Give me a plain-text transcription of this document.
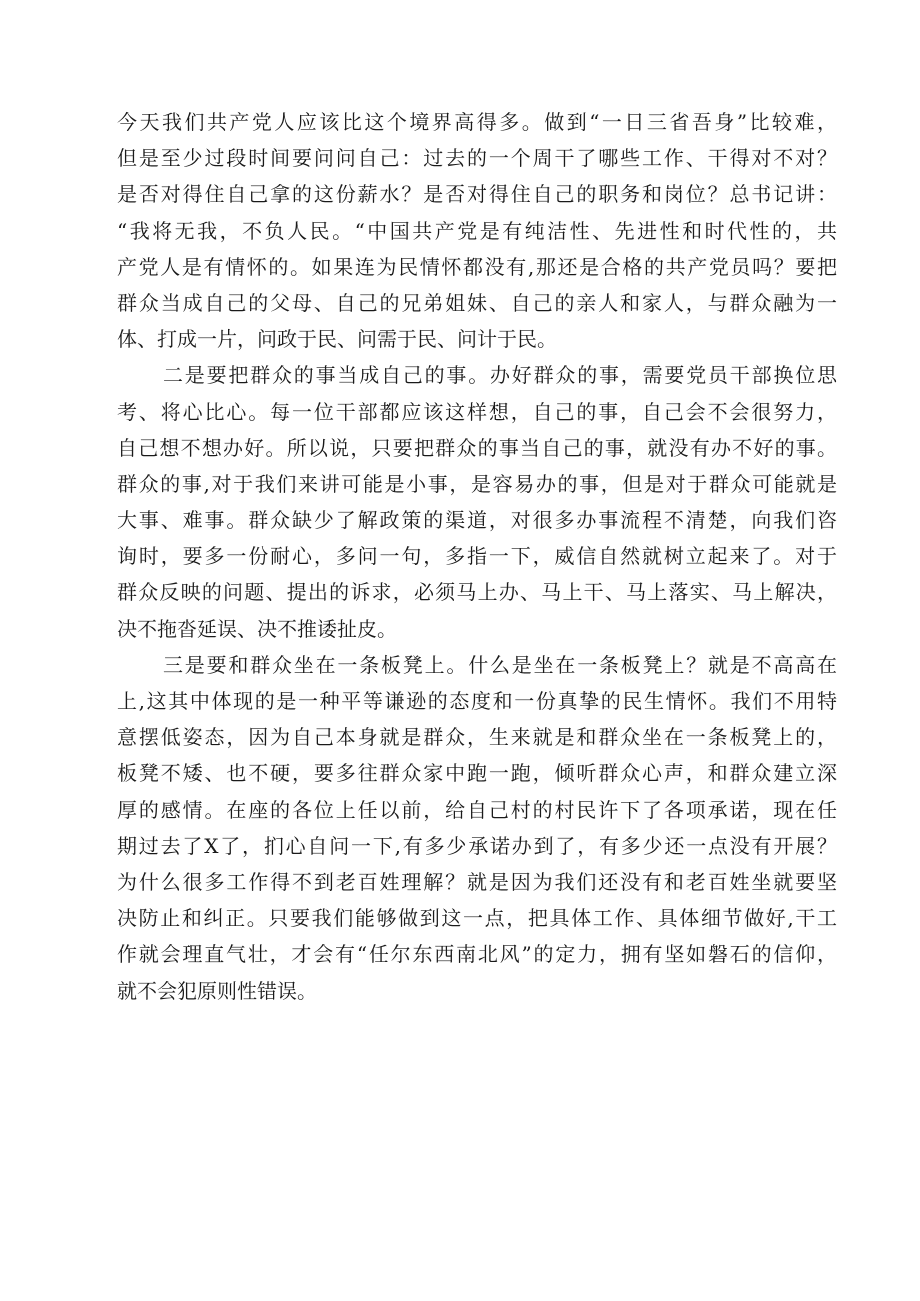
今天我们共产党人应该比这个境界高得多。做到“一日三省吾身”比较难，
但是至少过段时间要问问自己：过去的一个周干了哪些工作、干得对不对？
是否对得住自己拿的这份薪水？是否对得住自己的职务和岗位？总书记讲：
“我将无我，不负人民。“中国共产党是有纯洁性、先进性和时代性的，共
产党人是有情怀的。如果连为民情怀都没有,那还是合格的共产党员吗？要把
群众当成自己的父母、自己的兄弟姐妹、自己的亲人和家人，与群众融为一
体、打成一片，问政于民、问需于民、问计于民。
二是要把群众的事当成自己的事。办好群众的事，需要党员干部换位思
考、将心比心。每一位干部都应该这样想，自己的事，自己会不会很努力，
自己想不想办好。所以说，只要把群众的事当自己的事，就没有办不好的事。
群众的事,对于我们来讲可能是小事，是容易办的事，但是对于群众可能就是
大事、难事。群众缺少了解政策的渠道，对很多办事流程不清楚，向我们咨
询时，要多一份耐心，多问一句，多指一下，威信自然就树立起来了。对于
群众反映的问题、提出的诉求，必须马上办、马上干、马上落实、马上解决，
决不拖沓延误、决不推诿扯皮。
三是要和群众坐在一条板凳上。什么是坐在一条板凳上？就是不高高在
上,这其中体现的是一种平等谦逊的态度和一份真挚的民生情怀。我们不用特
意摆低姿态，因为自己本身就是群众，生来就是和群众坐在一条板凳上的，
板凳不矮、也不硬，要多往群众家中跑一跑，倾听群众心声，和群众建立深
厚的感情。在座的各位上任以前，给自己村的村民许下了各项承诺，现在任
期过去了X了，扪心自问一下,有多少承诺办到了，有多少还一点没有开展？
为什么很多工作得不到老百姓理解？就是因为我们还没有和老百姓坐就要坚
决防止和纠正。只要我们能够做到这一点，把具体工作、具体细节做好,干工
作就会理直气壮，才会有“任尔东西南北风”的定力，拥有坚如磐石的信仰，
就不会犯原则性错误。
